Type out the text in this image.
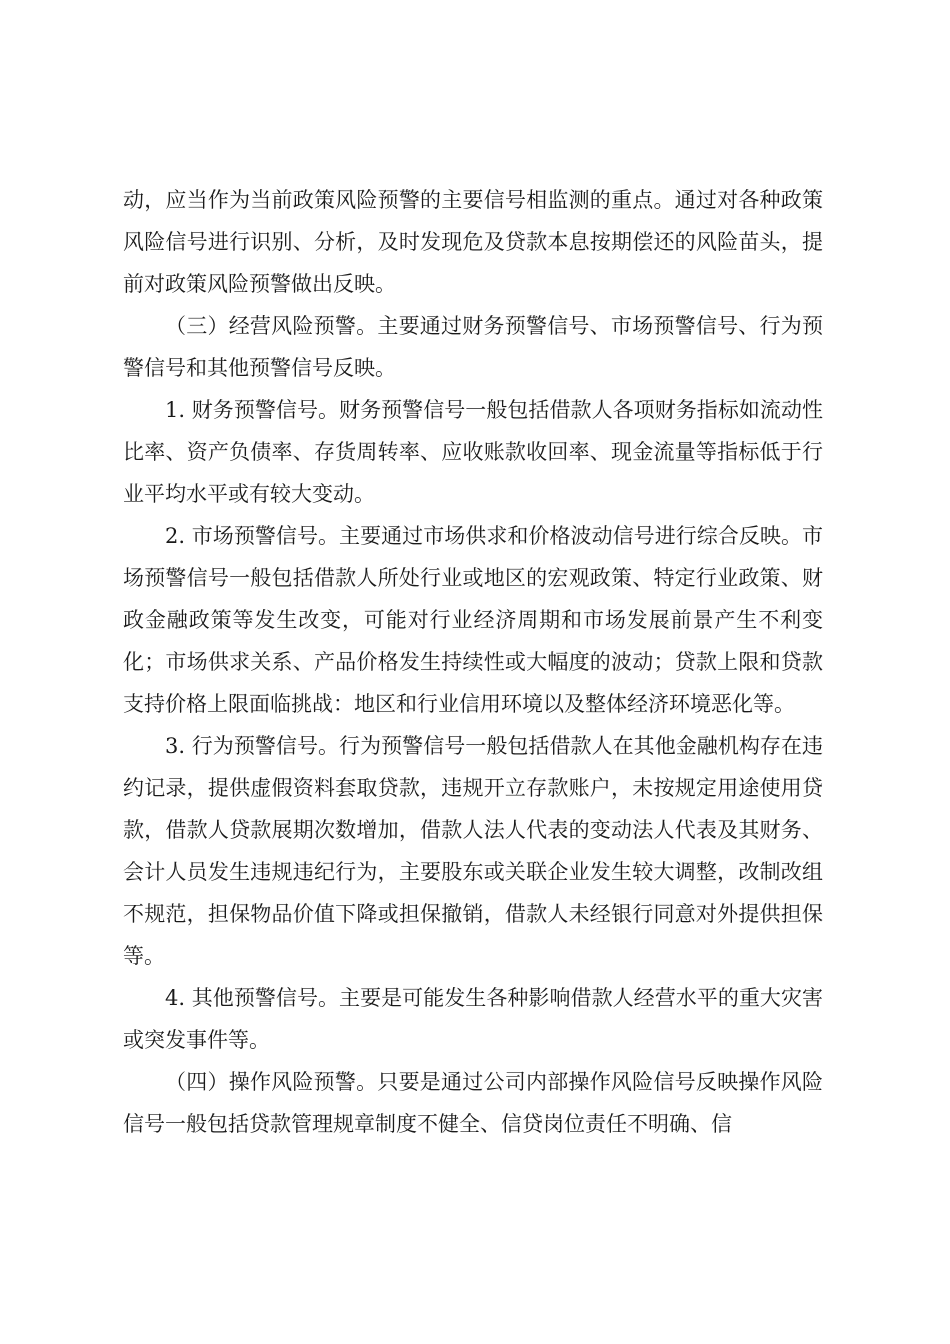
动，应当作为当前政策风险预警的主要信号相监测的重点。通过对各种政策风险信号进行识别、分析，及时发现危及贷款本息按期偿还的风险苗头，提前对政策风险预警做出反映。

（三）经营风险预警。主要通过财务预警信号、市场预警信号、行为预警信号和其他预警信号反映。

1. 财务预警信号。财务预警信号一般包括借款人各项财务指标如流动性比率、资产负债率、存货周转率、应收账款收回率、现金流量等指标低于行业平均水平或有较大变动。

2. 市场预警信号。主要通过市场供求和价格波动信号进行综合反映。市场预警信号一般包括借款人所处行业或地区的宏观政策、特定行业政策、财政金融政策等发生改变，可能对行业经济周期和市场发展前景产生不利变化；市场供求关系、产品价格发生持续性或大幅度的波动；贷款上限和贷款支持价格上限面临挑战：地区和行业信用环境以及整体经济环境恶化等。

3. 行为预警信号。行为预警信号一般包括借款人在其他金融机构存在违约记录，提供虚假资料套取贷款，违规开立存款账户，未按规定用途使用贷款，借款人贷款展期次数增加，借款人法人代表的变动法人代表及其财务、会计人员发生违规违纪行为，主要股东或关联企业发生较大调整，改制改组不规范，担保物品价值下降或担保撤销，借款人未经银行同意对外提供担保等。

4. 其他预警信号。主要是可能发生各种影响借款人经营水平的重大灾害或突发事件等。

（四）操作风险预警。只要是通过公司内部操作风险信号反映操作风险信号一般包括贷款管理规章制度不健全、信贷岗位责任不明确、信
